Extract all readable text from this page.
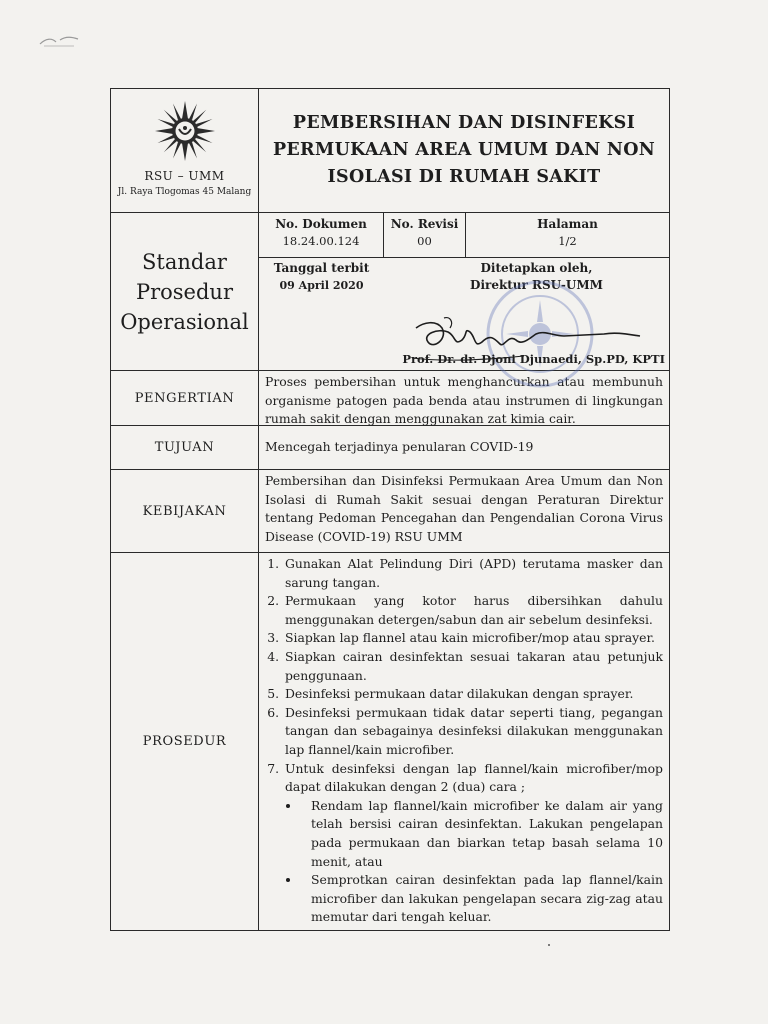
RSU – UMM
Jl. Raya Tlogomas 45 Malang
PEMBERSIHAN DAN DISINFEKSI
PERMUKAAN AREA UMUM DAN NON
ISOLASI DI RUMAH SAKIT
Standar
Prosedur
Operasional
No. Dokumen
18.24.00.124
No. Revisi
00
Halaman
1/2
Tanggal terbit
09 April 2020
Ditetapkan oleh,
Direktur RSU-UMM
Prof. Dr. dr. Djoni Djunaedi, Sp.PD, KPTI
PENGERTIAN
Proses pembersihan untuk menghancurkan atau membunuh organisme patogen pada benda atau instrumen di lingkungan rumah sakit dengan menggunakan zat kimia cair.
TUJUAN	Mencegah terjadinya penularan COVID-19
KEBIJAKAN
Pembersihan dan Disinfeksi Permukaan Area Umum dan Non Isolasi di Rumah Sakit sesuai dengan Peraturan Direktur tentang Pedoman Pencegahan dan Pengendalian Corona Virus Disease (COVID-19) RSU UMM
PROSEDUR
1. Gunakan Alat Pelindung Diri (APD) terutama masker dan sarung tangan.
2. Permukaan yang kotor harus dibersihkan dahulu menggunakan detergen/sabun dan air sebelum desinfeksi.
3. Siapkan lap flannel atau kain microfiber/mop atau sprayer.
4. Siapkan cairan desinfektan sesuai takaran atau petunjuk penggunaan.
5. Desinfeksi permukaan datar dilakukan dengan sprayer.
6. Desinfeksi permukaan tidak datar seperti tiang, pegangan tangan dan sebagainya desinfeksi dilakukan menggunakan lap flannel/kain microfiber.
7. Untuk desinfeksi dengan lap flannel/kain microfiber/mop dapat dilakukan dengan 2 (dua) cara ;
• Rendam lap flannel/kain microfiber ke dalam air yang telah bersisi cairan desinfektan. Lakukan pengelapan pada permukaan dan biarkan tetap basah selama 10 menit, atau
• Semprotkan cairan desinfektan pada lap flannel/kain microfiber dan lakukan pengelapan secara zig-zag atau memutar dari tengah keluar.
